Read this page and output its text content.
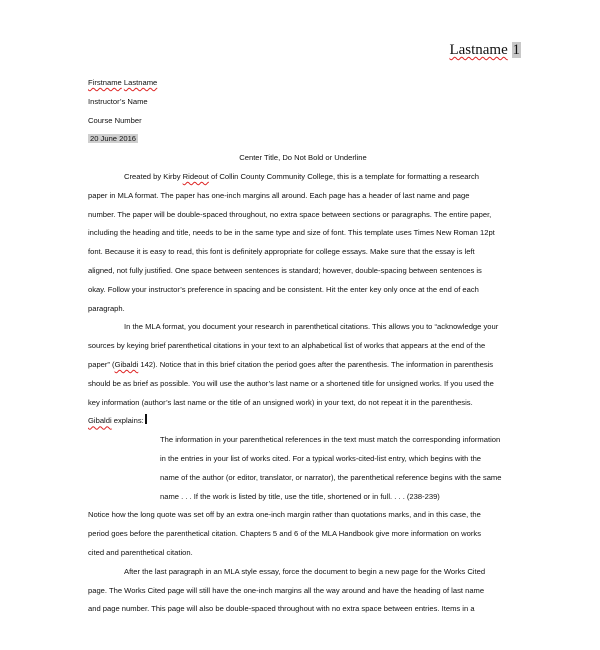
Lastname 1
Firstname Lastname
Instructor’s Name
Course Number
20 June 2016
Center Title, Do Not Bold or Underline
Created by Kirby Rideout of Collin County Community College, this is a template for formatting a research
paper in MLA format. The paper has one-inch margins all around. Each page has a header of last name and page
number. The paper will be double-spaced throughout, no extra space between sections or paragraphs. The entire paper,
including the heading and title, needs to be in the same type and size of font. This template uses Times New Roman 12pt
font. Because it is easy to read, this font is definitely appropriate for college essays. Make sure that the essay is left
aligned, not fully justified. One space between sentences is standard; however, double-spacing between sentences is
okay. Follow your instructor’s preference in spacing and be consistent. Hit the enter key only once at the end of each
paragraph.
In the MLA format, you document your research in parenthetical citations. This allows you to “acknowledge your
sources by keying brief parenthetical citations in your text to an alphabetical list of works that appears at the end of the
paper” (Gibaldi 142). Notice that in this brief citation the period goes after the parenthesis. The information in parenthesis
should be as brief as possible. You will use the author’s last name or a shortened title for unsigned works. If you used the
key information (author’s last name or the title of an unsigned work) in your text, do not repeat it in the parenthesis.
Gibaldi explains:
The information in your parenthetical references in the text must match the corresponding information
in the entries in your list of works cited. For a typical works-cited-list entry, which begins with the
name of the author (or editor, translator, or narrator), the parenthetical reference begins with the same
name . . . If the work is listed by title, use the title, shortened or in full. . . . (238-239)
Notice how the long quote was set off by an extra one-inch margin rather than quotations marks, and in this case, the
period goes before the parenthetical citation. Chapters 5 and 6 of the MLA Handbook give more information on works
cited and parenthetical citation.
After the last paragraph in an MLA style essay, force the document to begin a new page for the Works Cited
page. The Works Cited page will still have the one-inch margins all the way around and have the heading of last name
and page number. This page will also be double-spaced throughout with no extra space between entries. Items in a
